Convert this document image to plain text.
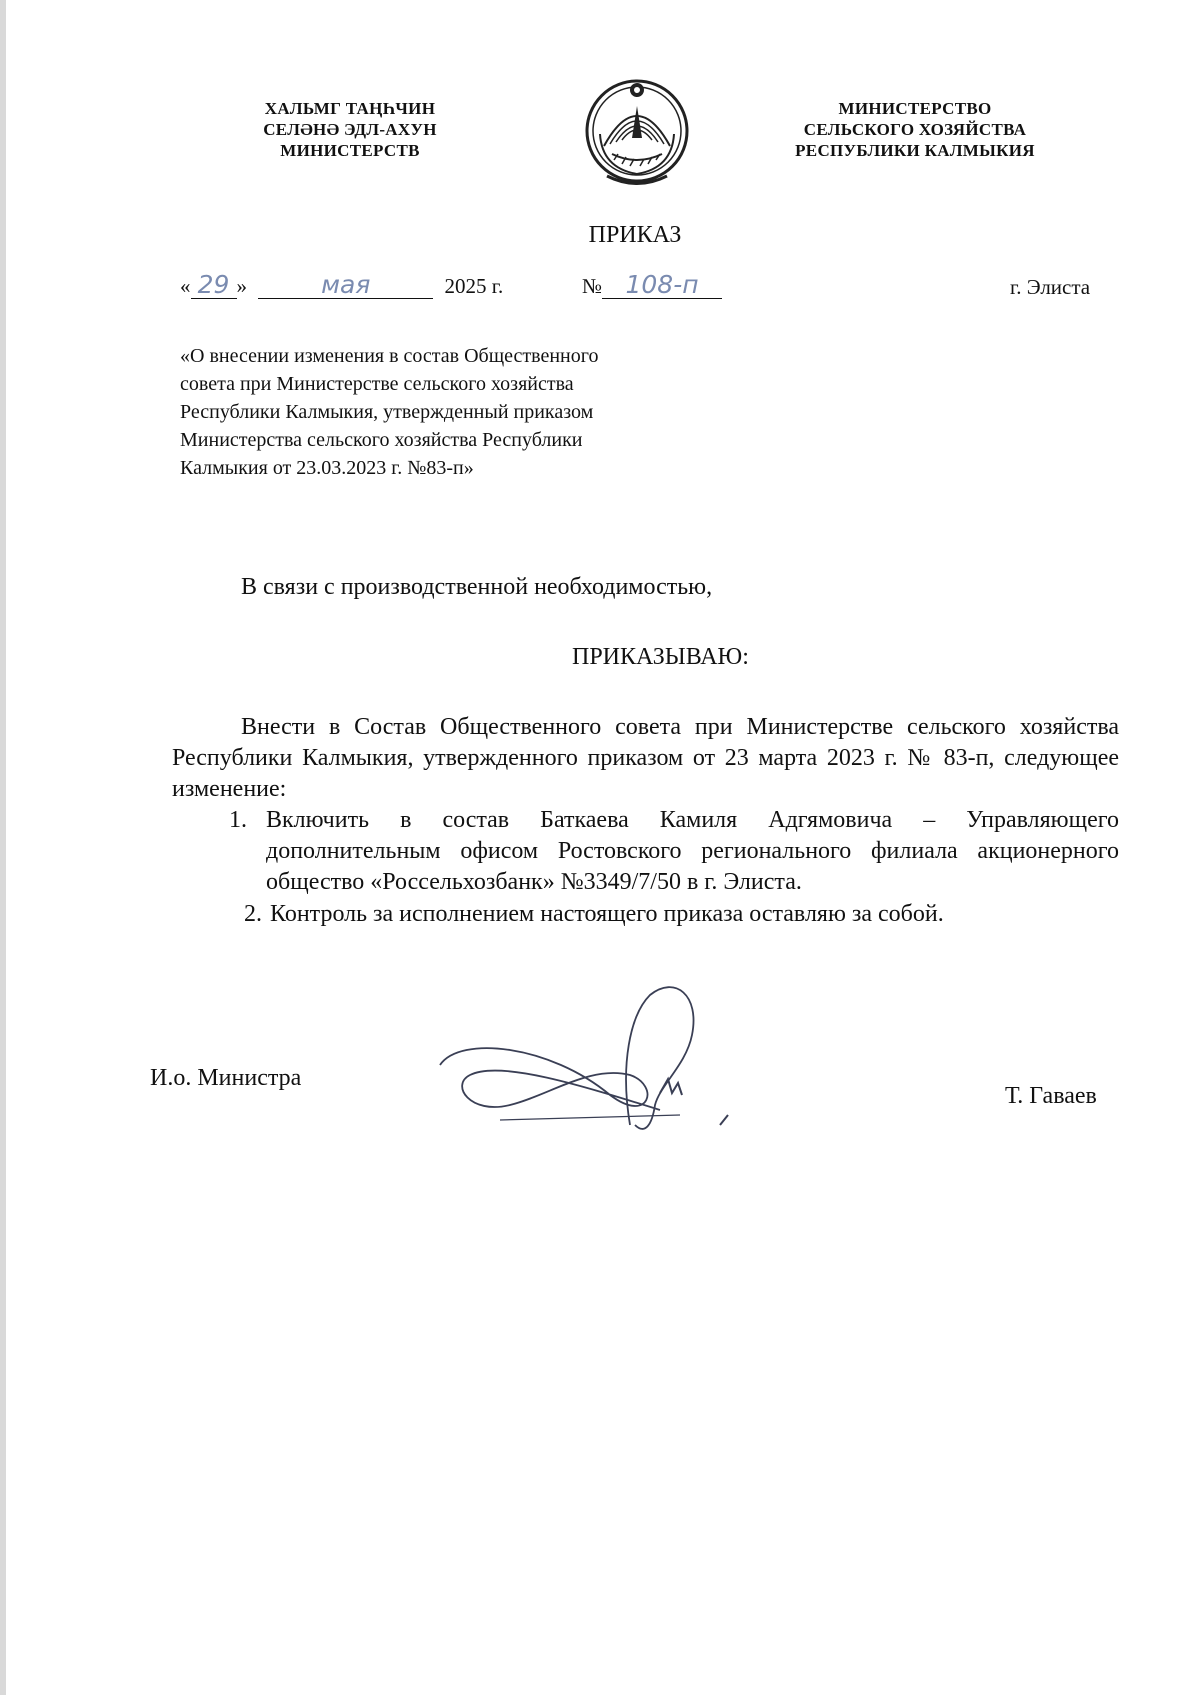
ХАЛЬМГ ТАҢҺЧИН
СЕЛӘНӘ ЭДЛ-АХУН
МИНИСТЕРСТВ
МИНИСТЕРСТВО
СЕЛЬСКОГО ХОЗЯЙСТВА
РЕСПУБЛИКИ КАЛМЫКИЯ
ПРИКАЗ
« 29 »	мая	2025 г.	№ 108-п	г. Элиста
«О внесении изменения в состав Общественного
совета при Министерстве сельского хозяйства
Республики Калмыкия, утвержденный приказом
Министерства сельского хозяйства Республики
Калмыкия от 23.03.2023 г. №83-п»
В связи с производственной необходимостью,
ПРИКАЗЫВАЮ:
Внести в Состав Общественного совета при Министерстве сельского хозяйства Республики Калмыкия, утвержденного приказом от 23 марта 2023 г. № 83-п, следующее изменение:
1. Включить в состав Баткаева Камиля Адгямовича – Управляющего дополнительным офисом Ростовского регионального филиала акционерного общество «Россельхозбанк» №3349/7/50 в г. Элиста.
2. Контроль за исполнением настоящего приказа оставляю за собой.
И.о. Министра
Т. Гаваев
